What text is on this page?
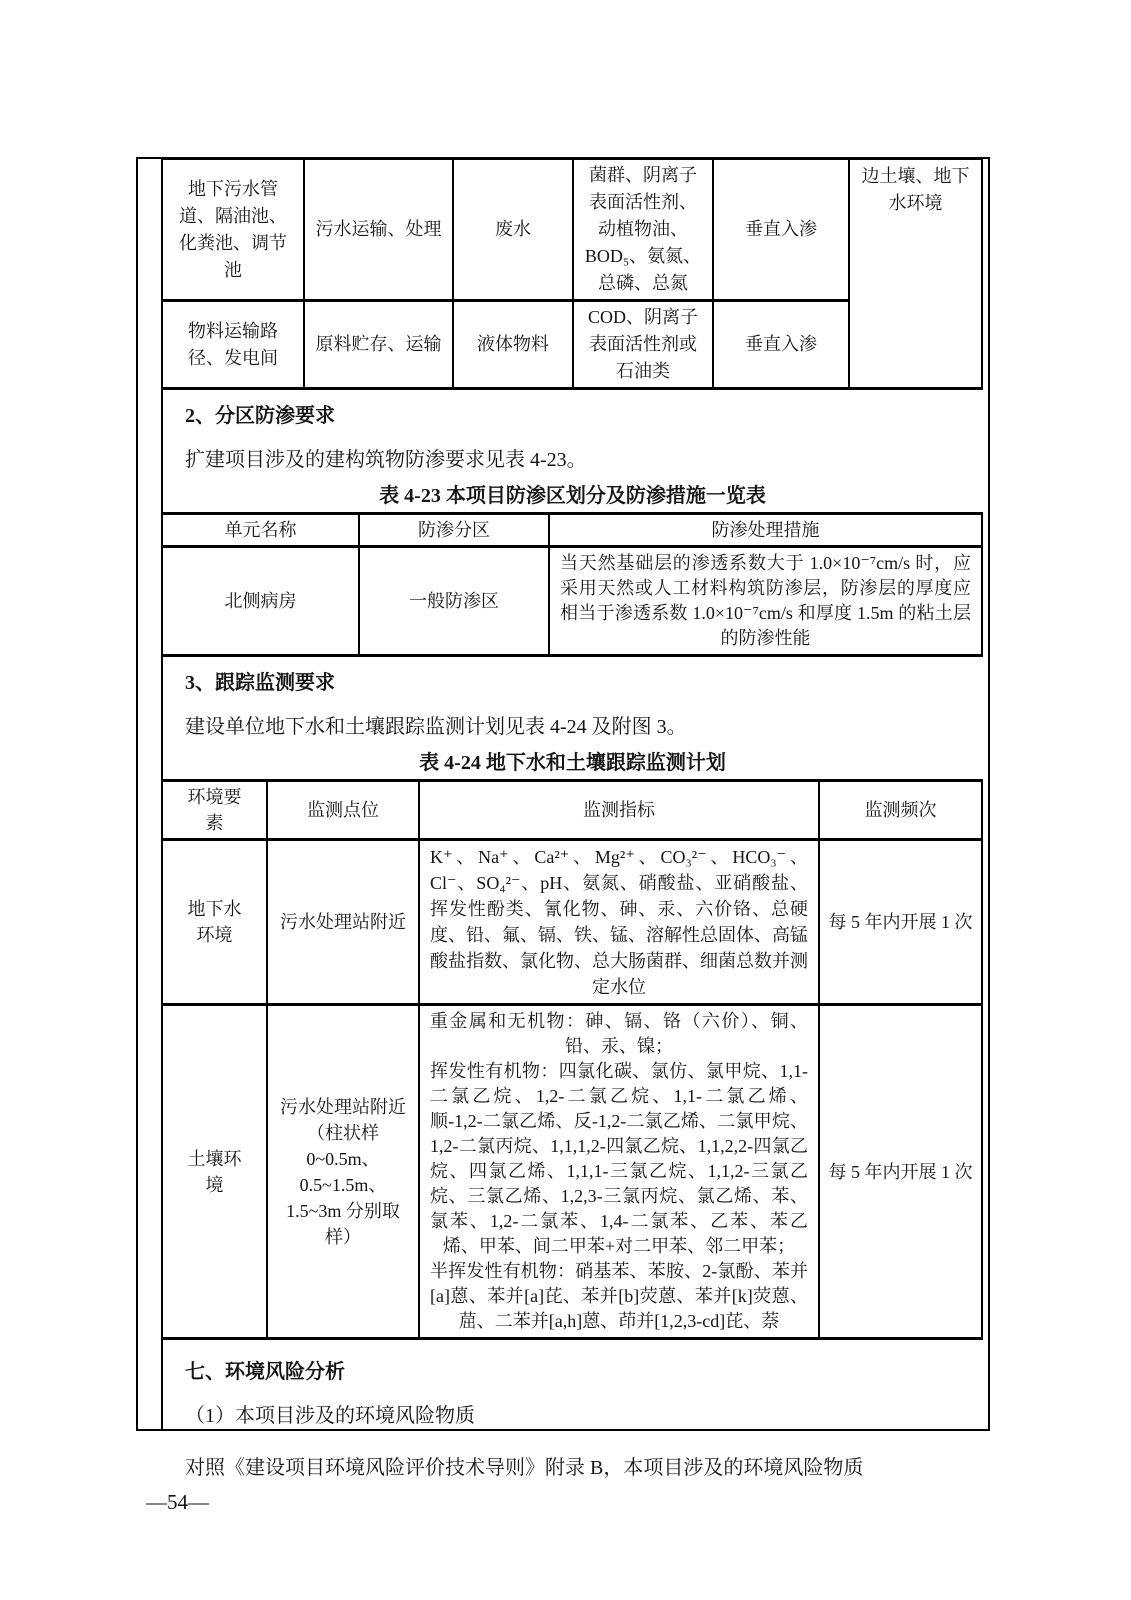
地下污水管道、隔油池、化粪池、调节池	污水运输、处理	废水	菌群、阴离子表面活性剂、动植物油、BOD₅、氨氮、总磷、总氮	垂直入渗	边土壤、地下水环境
物料运输路径、发电间	原料贮存、运输	液体物料	COD、阴离子表面活性剂或石油类	垂直入渗	
2、分区防渗要求

扩建项目涉及的建构筑物防渗要求见表 4-23。

表 4-23 本项目防渗区划分及防渗措施一览表

单元名称	防渗分区	防渗处理措施
北侧病房	一般防渗区	当天然基础层的渗透系数大于 1.0×10⁻⁷cm/s 时，应采用天然或人工材料构筑防渗层，防渗层的厚度应相当于渗透系数 1.0×10⁻⁷cm/s 和厚度 1.5m 的粘土层的防渗性能
3、跟踪监测要求

建设单位地下水和土壤跟踪监测计划见表 4-24 及附图 3。

表 4-24 地下水和土壤跟踪监测计划

环境要素	监测点位	监测指标	监测频次
地下水环境	污水处理站附近	K⁺、Na⁺、Ca²⁺、Mg²⁺、CO₃²⁻、HCO₃⁻、Cl⁻、SO₄²⁻、pH、氨氮、硝酸盐、亚硝酸盐、挥发性酚类、氰化物、砷、汞、六价铬、总硬度、铅、氟、镉、铁、锰、溶解性总固体、高锰酸盐指数、氯化物、总大肠菌群、细菌总数并测定水位	每 5 年内开展 1 次
土壤环境	污水处理站附近（柱状样 0~0.5m、0.5~1.5m、1.5~3m 分别取样）	重金属和无机物：砷、镉、铬（六价）、铜、铅、汞、镍；

挥发性有机物：四氯化碳、氯仿、氯甲烷、1,1-二氯乙烷、1,2-二氯乙烷、1,1-二氯乙烯、顺-1,2-二氯乙烯、反-1,2-二氯乙烯、二氯甲烷、1,2-二氯丙烷、1,1,1,2-四氯乙烷、1,1,2,2-四氯乙烷、四氯乙烯、1,1,1-三氯乙烷、1,1,2-三氯乙烷、三氯乙烯、1,2,3-三氯丙烷、氯乙烯、苯、氯苯、1,2-二氯苯、1,4-二氯苯、乙苯、苯乙烯、甲苯、间二甲苯+对二甲苯、邻二甲苯；

半挥发性有机物：硝基苯、苯胺、2-氯酚、苯并[a]蒽、苯并[a]芘、苯并[b]荧蒽、苯并[k]荧蒽、䓛、二苯并[a,h]蒽、茚并[1,2,3-cd]芘、萘	每 5 年内开展 1 次
七、环境风险分析

（1）本项目涉及的环境风险物质

对照《建设项目环境风险评价技术导则》附录 B，本项目涉及的环境风险物质

—54—
